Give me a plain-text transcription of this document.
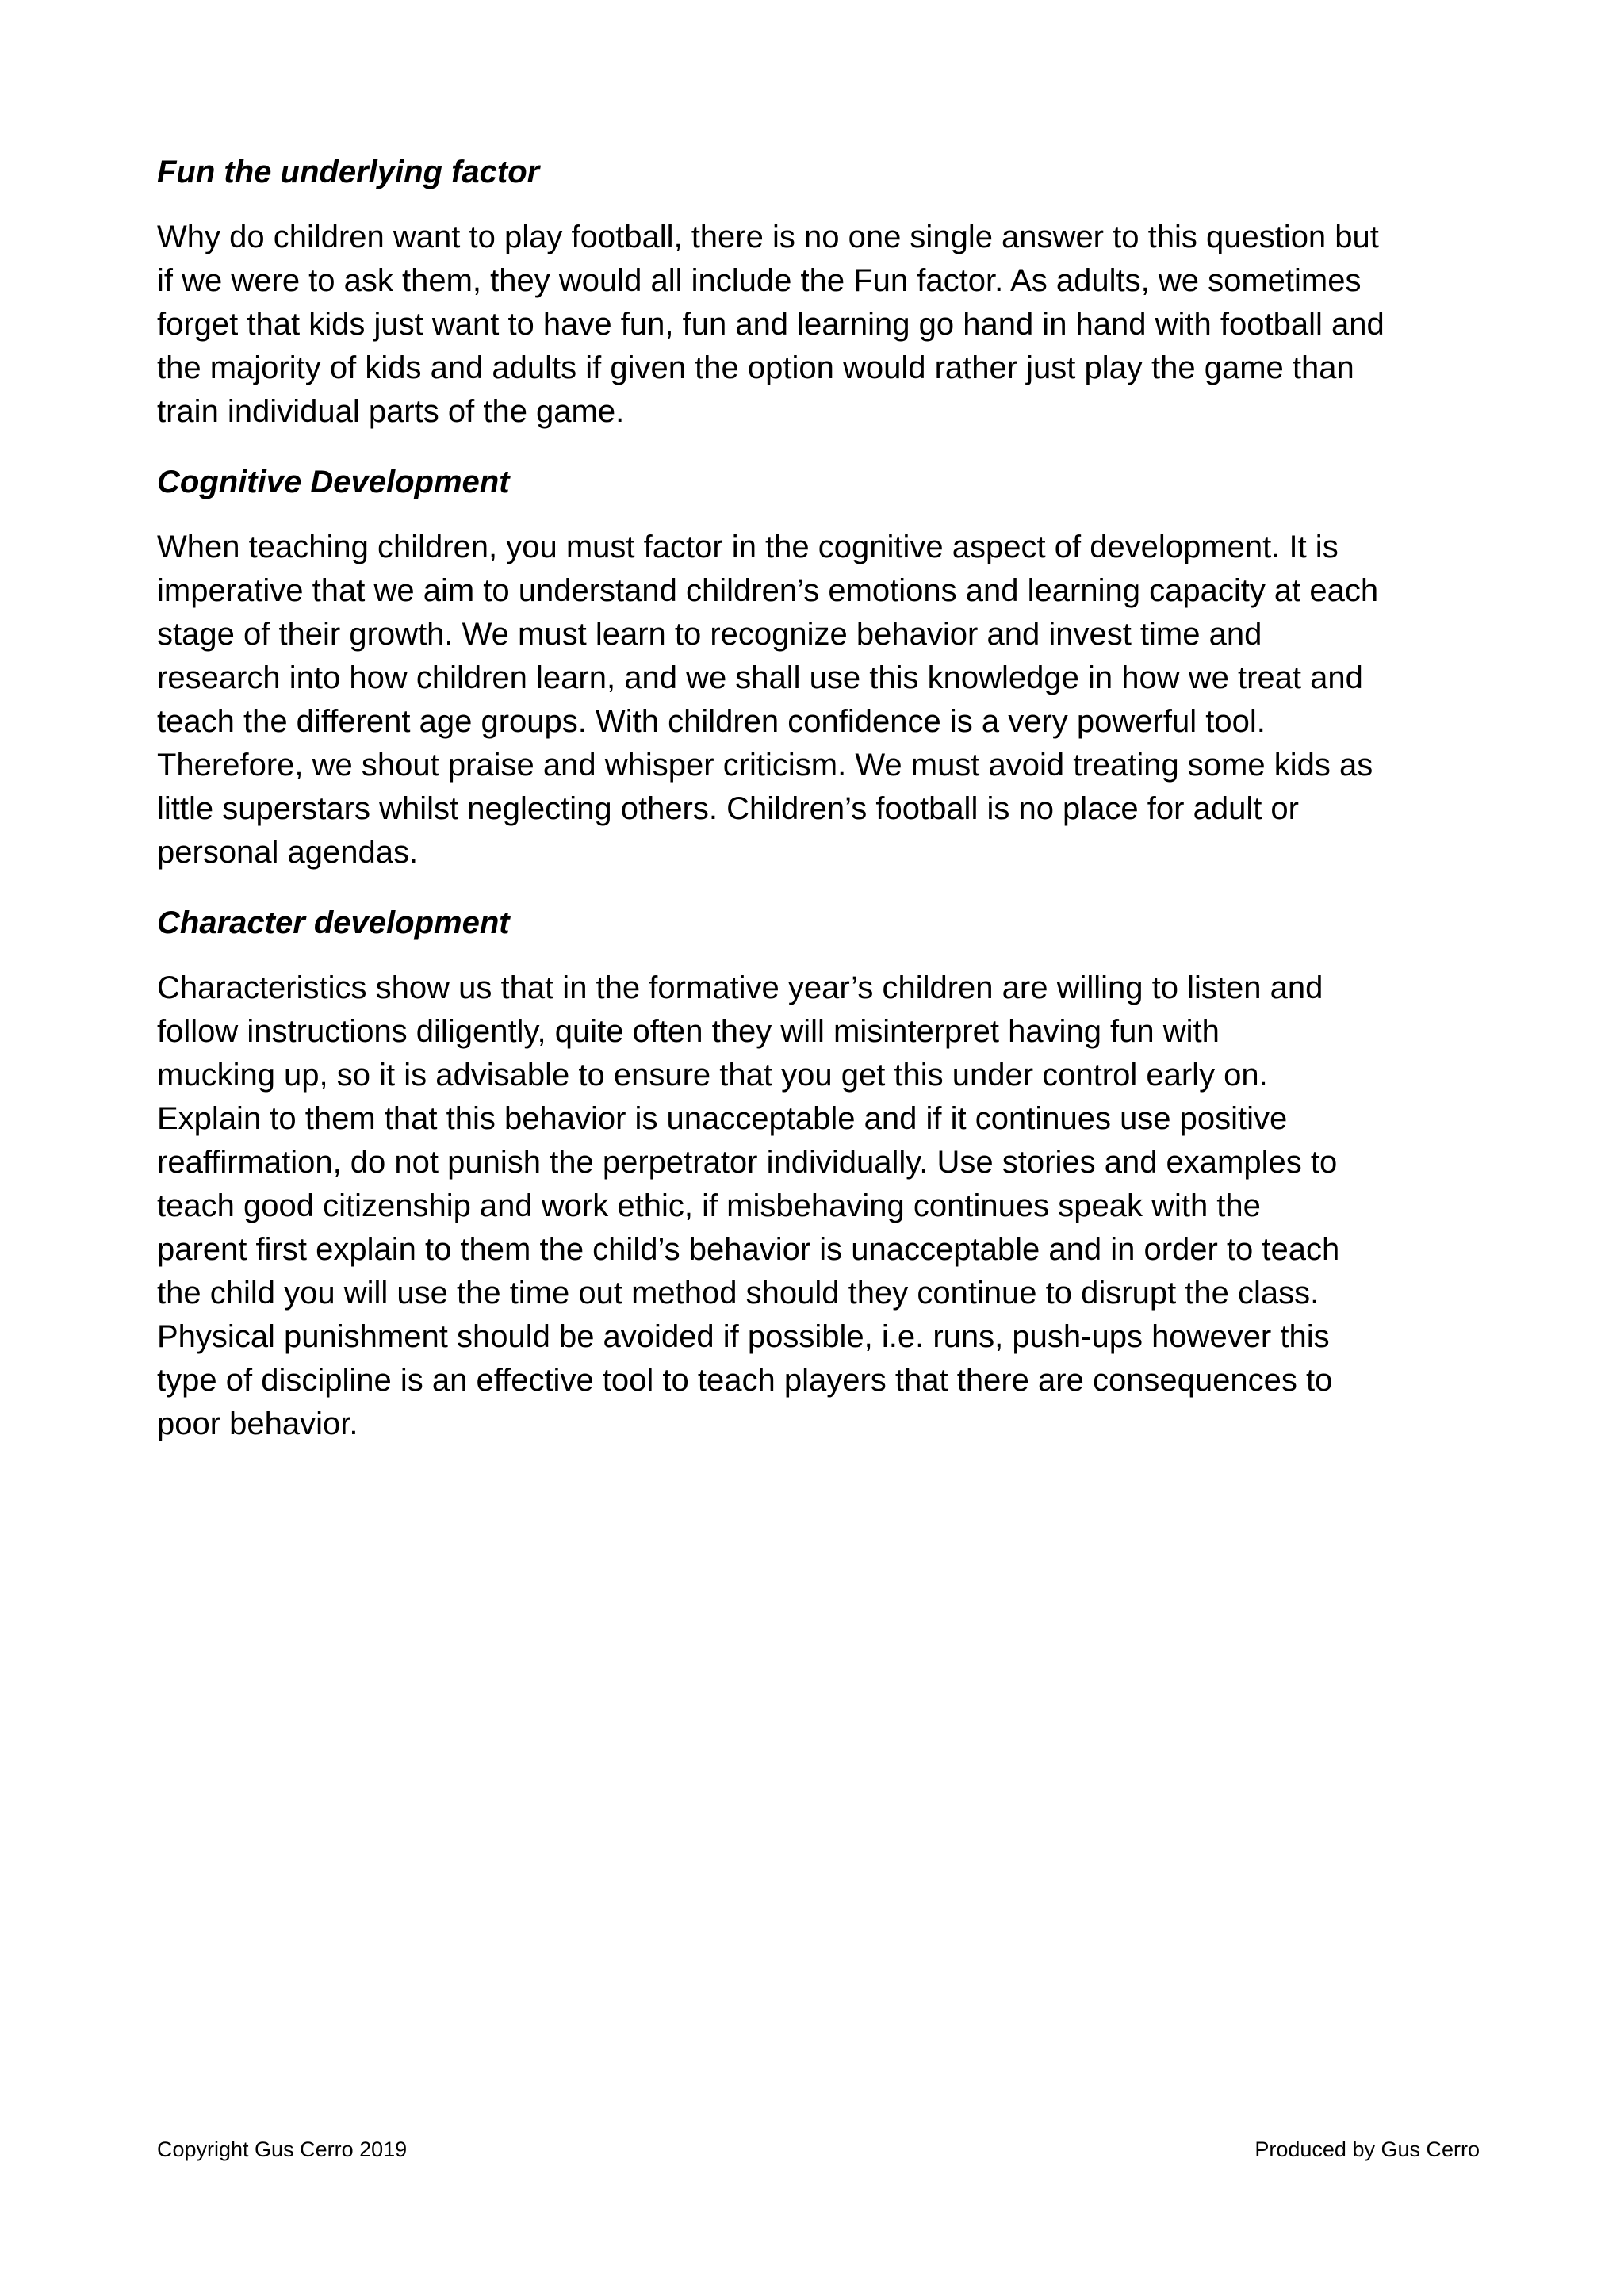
Fun the underlying factor

Why do children want to play football, there is no one single answer to this question but
if we were to ask them, they would all include the Fun factor. As adults, we sometimes
forget that kids just want to have fun, fun and learning go hand in hand with football and
the majority of kids and adults if given the option would rather just play the game than
train individual parts of the game.

Cognitive Development

When teaching children, you must factor in the cognitive aspect of development. It is
imperative that we aim to understand children’s emotions and learning capacity at each
stage of their growth. We must learn to recognize behavior and invest time and
research into how children learn, and we shall use this knowledge in how we treat and
teach the different age groups. With children confidence is a very powerful tool.
Therefore, we shout praise and whisper criticism. We must avoid treating some kids as
little superstars whilst neglecting others. Children’s football is no place for adult or
personal agendas.

Character development

Characteristics show us that in the formative year’s children are willing to listen and
follow instructions diligently, quite often they will misinterpret having fun with
mucking up, so it is advisable to ensure that you get this under control early on.
Explain to them that this behavior is unacceptable and if it continues use positive
reaffirmation, do not punish the perpetrator individually. Use stories and examples to
teach good citizenship and work ethic, if misbehaving continues speak with the
parent first explain to them the child’s behavior is unacceptable and in order to teach
the child you will use the time out method should they continue to disrupt the class.
Physical punishment should be avoided if possible, i.e. runs, push-ups however this
type of discipline is an effective tool to teach players that there are consequences to
poor behavior.

Copyright Gus Cerro 2019	Produced by Gus Cerro
